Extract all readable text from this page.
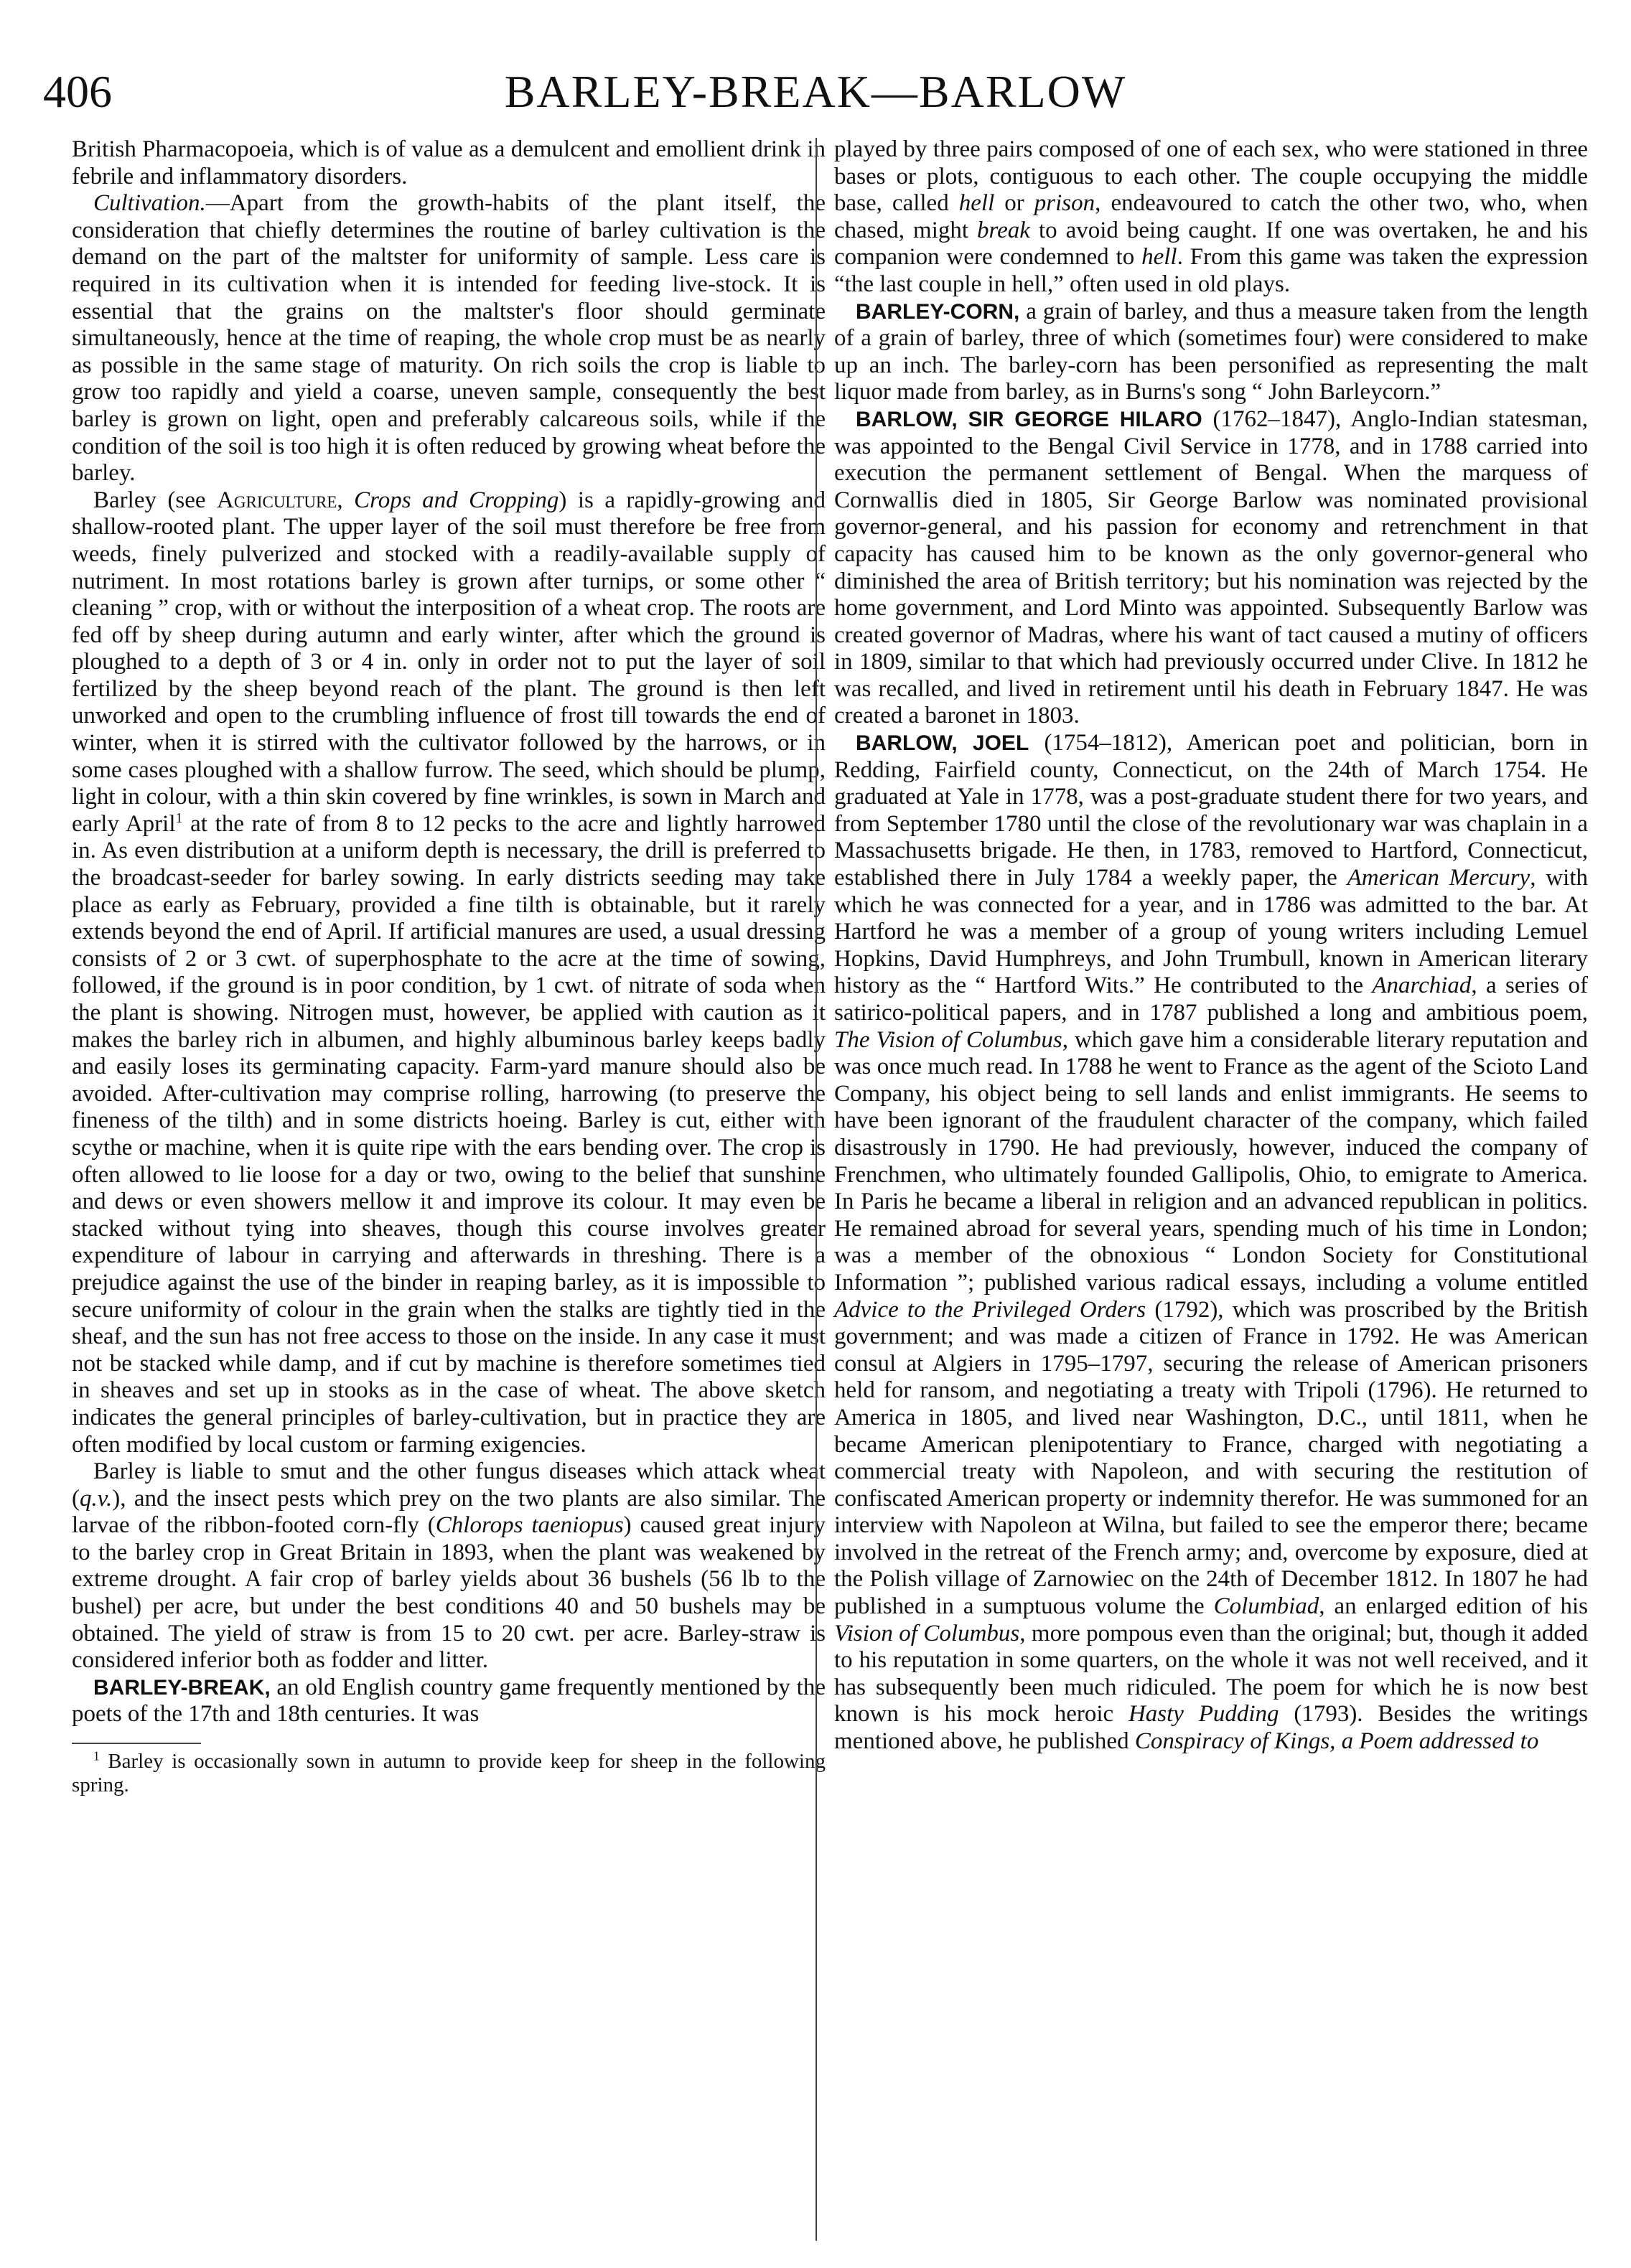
406	BARLEY-BREAK—BARLOW

British Pharmacopoeia, which is of value as a demulcent and emollient drink in febrile and inflammatory disorders.

Cultivation.—Apart from the growth-habits of the plant itself, the consideration that chiefly determines the routine of barley cultivation is the demand on the part of the maltster for uniformity of sample. Less care is required in its cultivation when it is intended for feeding live-stock. It is essential that the grains on the maltster's floor should germinate simultaneously, hence at the time of reaping, the whole crop must be as nearly as possible in the same stage of maturity. On rich soils the crop is liable to grow too rapidly and yield a coarse, uneven sample, consequently the best barley is grown on light, open and preferably calcareous soils, while if the condition of the soil is too high it is often reduced by growing wheat before the barley.

Barley (see Agriculture, Crops and Cropping) is a rapidly-growing and shallow-rooted plant. The upper layer of the soil must therefore be free from weeds, finely pulverized and stocked with a readily-available supply of nutriment. In most rotations barley is grown after turnips, or some other “ cleaning ” crop, with or without the interposition of a wheat crop. The roots are fed off by sheep during autumn and early winter, after which the ground is ploughed to a depth of 3 or 4 in. only in order not to put the layer of soil fertilized by the sheep beyond reach of the plant. The ground is then left unworked and open to the crumbling influence of frost till towards the end of winter, when it is stirred with the cultivator followed by the harrows, or in some cases ploughed with a shallow furrow. The seed, which should be plump, light in colour, with a thin skin covered by fine wrinkles, is sown in March and early April$^1$ at the rate of from 8 to 12 pecks to the acre and lightly harrowed in. As even distribution at a uniform depth is necessary, the drill is preferred to the broadcast-seeder for barley sowing. In early districts seeding may take place as early as February, provided a fine tilth is obtainable, but it rarely extends beyond the end of April. If artificial manures are used, a usual dressing consists of 2 or 3 cwt. of superphosphate to the acre at the time of sowing, followed, if the ground is in poor condition, by 1 cwt. of nitrate of soda when the plant is showing. Nitrogen must, however, be applied with caution as it makes the barley rich in albumen, and highly albuminous barley keeps badly and easily loses its germinating capacity. Farm-yard manure should also be avoided. After-cultivation may comprise rolling, harrowing (to preserve the fineness of the tilth) and in some districts hoeing. Barley is cut, either with scythe or machine, when it is quite ripe with the ears bending over. The crop is often allowed to lie loose for a day or two, owing to the belief that sunshine and dews or even showers mellow it and improve its colour. It may even be stacked without tying into sheaves, though this course involves greater expenditure of labour in carrying and afterwards in threshing. There is a prejudice against the use of the binder in reaping barley, as it is impossible to secure uniformity of colour in the grain when the stalks are tightly tied in the sheaf, and the sun has not free access to those on the inside. In any case it must not be stacked while damp, and if cut by machine is therefore sometimes tied in sheaves and set up in stooks as in the case of wheat. The above sketch indicates the general principles of barley-cultivation, but in practice they are often modified by local custom or farming exigencies.

Barley is liable to smut and the other fungus diseases which attack wheat (q.v.), and the insect pests which prey on the two plants are also similar. The larvae of the ribbon-footed corn-fly (Chlorops taeniopus) caused great injury to the barley crop in Great Britain in 1893, when the plant was weakened by extreme drought. A fair crop of barley yields about 36 bushels (56 lb to the bushel) per acre, but under the best conditions 40 and 50 bushels may be obtained. The yield of straw is from 15 to 20 cwt. per acre. Barley-straw is considered inferior both as fodder and litter.

BARLEY-BREAK, an old English country game frequently mentioned by the poets of the 17th and 18th centuries. It was

$^1$ Barley is occasionally sown in autumn to provide keep for sheep in the following spring.

played by three pairs composed of one of each sex, who were stationed in three bases or plots, contiguous to each other. The couple occupying the middle base, called hell or prison, endeavoured to catch the other two, who, when chased, might break to avoid being caught. If one was overtaken, he and his companion were condemned to hell. From this game was taken the expression “the last couple in hell,” often used in old plays.

BARLEY-CORN, a grain of barley, and thus a measure taken from the length of a grain of barley, three of which (sometimes four) were considered to make up an inch. The barley-corn has been personified as representing the malt liquor made from barley, as in Burns's song “ John Barleycorn.”

BARLOW, SIR GEORGE HILARO (1762–1847), Anglo-Indian statesman, was appointed to the Bengal Civil Service in 1778, and in 1788 carried into execution the permanent settlement of Bengal. When the marquess of Cornwallis died in 1805, Sir George Barlow was nominated provisional governor-general, and his passion for economy and retrenchment in that capacity has caused him to be known as the only governor-general who diminished the area of British territory; but his nomination was rejected by the home government, and Lord Minto was appointed. Subsequently Barlow was created governor of Madras, where his want of tact caused a mutiny of officers in 1809, similar to that which had previously occurred under Clive. In 1812 he was recalled, and lived in retirement until his death in February 1847. He was created a baronet in 1803.

BARLOW, JOEL (1754–1812), American poet and politician, born in Redding, Fairfield county, Connecticut, on the 24th of March 1754. He graduated at Yale in 1778, was a post-graduate student there for two years, and from September 1780 until the close of the revolutionary war was chaplain in a Massachusetts brigade. He then, in 1783, removed to Hartford, Connecticut, established there in July 1784 a weekly paper, the American Mercury, with which he was connected for a year, and in 1786 was admitted to the bar. At Hartford he was a member of a group of young writers including Lemuel Hopkins, David Humphreys, and John Trumbull, known in American literary history as the “ Hartford Wits.” He contributed to the Anarchiad, a series of satirico-political papers, and in 1787 published a long and ambitious poem, The Vision of Columbus, which gave him a considerable literary reputation and was once much read. In 1788 he went to France as the agent of the Scioto Land Company, his object being to sell lands and enlist immigrants. He seems to have been ignorant of the fraudulent character of the company, which failed disastrously in 1790. He had previously, however, induced the company of Frenchmen, who ultimately founded Gallipolis, Ohio, to emigrate to America. In Paris he became a liberal in religion and an advanced republican in politics. He remained abroad for several years, spending much of his time in London; was a member of the obnoxious “ London Society for Constitutional Information ”; published various radical essays, including a volume entitled Advice to the Privileged Orders (1792), which was proscribed by the British government; and was made a citizen of France in 1792. He was American consul at Algiers in 1795–1797, securing the release of American prisoners held for ransom, and negotiating a treaty with Tripoli (1796). He returned to America in 1805, and lived near Washington, D.C., until 1811, when he became American plenipotentiary to France, charged with negotiating a commercial treaty with Napoleon, and with securing the restitution of confiscated American property or indemnity therefor. He was summoned for an interview with Napoleon at Wilna, but failed to see the emperor there; became involved in the retreat of the French army; and, overcome by exposure, died at the Polish village of Zarnowiec on the 24th of December 1812. In 1807 he had published in a sumptuous volume the Columbiad, an enlarged edition of his Vision of Columbus, more pompous even than the original; but, though it added to his reputation in some quarters, on the whole it was not well received, and it has subsequently been much ridiculed. The poem for which he is now best known is his mock heroic Hasty Pudding (1793). Besides the writings mentioned above, he published Conspiracy of Kings, a Poem addressed to
